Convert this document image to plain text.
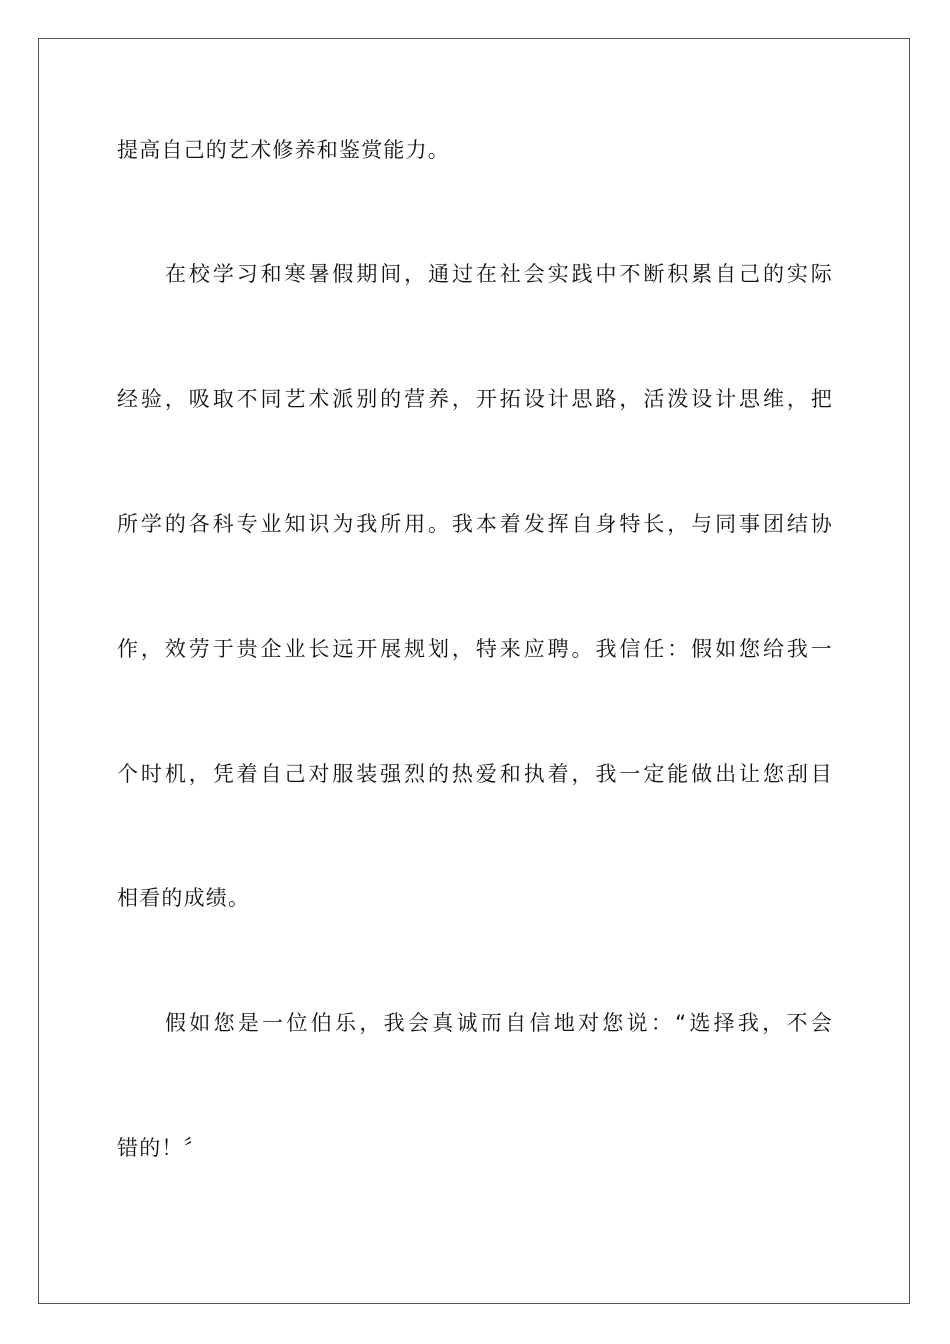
提高自己的艺术修养和鉴赏能力。
在校学习和寒暑假期间，通过在社会实践中不断积累自己的实际
经验，吸取不同艺术派别的营养，开拓设计思路，活泼设计思维，把
所学的各科专业知识为我所用。我本着发挥自身特长，与同事团结协
作，效劳于贵企业长远开展规划，特来应聘。我信任：假如您给我一
个时机，凭着自己对服装强烈的热爱和执着，我一定能做出让您刮目
相看的成绩。
假如您是一位伯乐，我会真诚而自信地对您说：“选择我，不会
错的！〞
